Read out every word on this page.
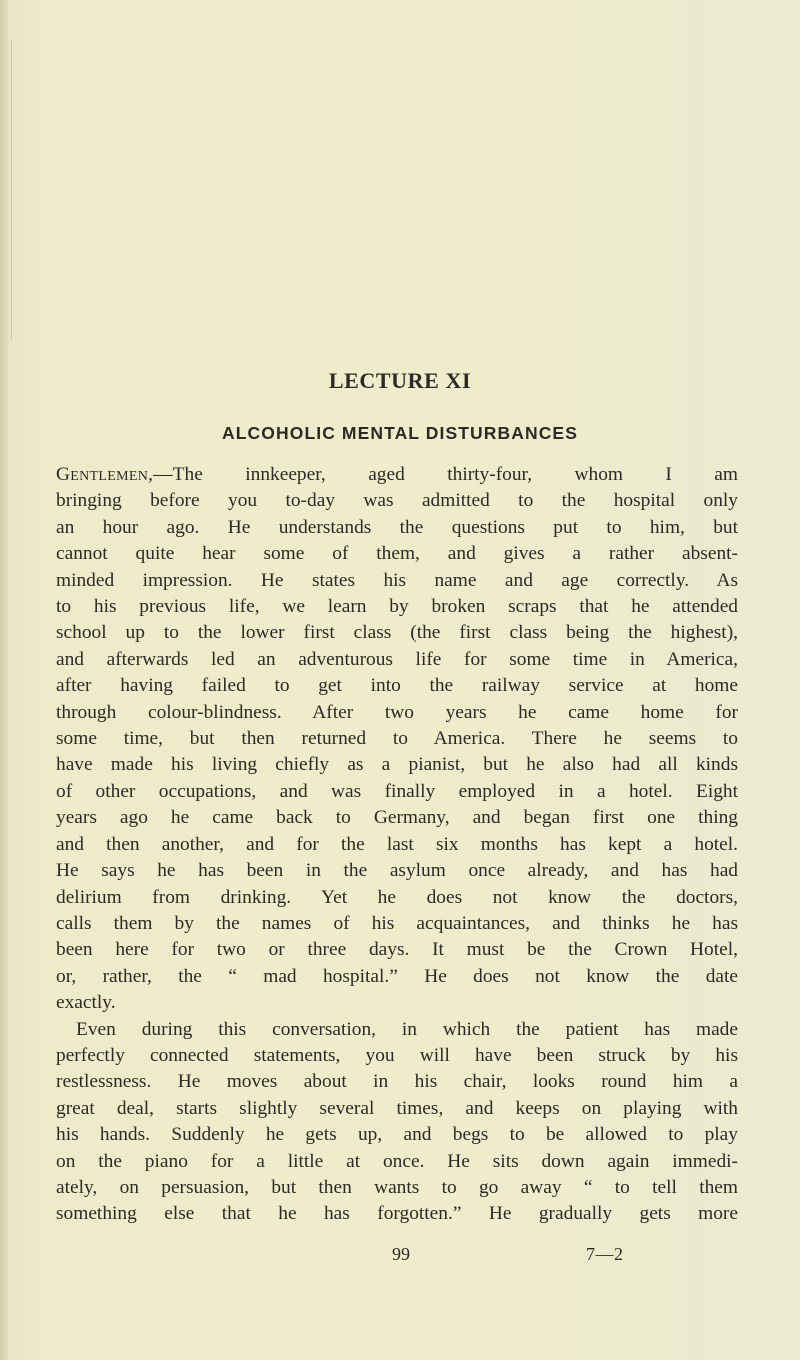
LECTURE XI
ALCOHOLIC MENTAL DISTURBANCES
Gentlemen,—The innkeeper, aged thirty-four, whom I am
bringing before you to-day was admitted to the hospital only
an hour ago. He understands the questions put to him, but
cannot quite hear some of them, and gives a rather absent-
minded impression. He states his name and age correctly. As
to his previous life, we learn by broken scraps that he attended
school up to the lower first class (the first class being the highest),
and afterwards led an adventurous life for some time in America,
after having failed to get into the railway service at home
through colour-blindness. After two years he came home for
some time, but then returned to America. There he seems to
have made his living chiefly as a pianist, but he also had all kinds
of other occupations, and was finally employed in a hotel. Eight
years ago he came back to Germany, and began first one thing
and then another, and for the last six months has kept a hotel.
He says he has been in the asylum once already, and has had
delirium from drinking. Yet he does not know the doctors,
calls them by the names of his acquaintances, and thinks he has
been here for two or three days. It must be the Crown Hotel,
or, rather, the “ mad hospital.” He does not know the date
exactly.
Even during this conversation, in which the patient has made
perfectly connected statements, you will have been struck by his
restlessness. He moves about in his chair, looks round him a
great deal, starts slightly several times, and keeps on playing with
his hands. Suddenly he gets up, and begs to be allowed to play
on the piano for a little at once. He sits down again immedi-
ately, on persuasion, but then wants to go away “ to tell them
something else that he has forgotten.” He gradually gets more
99	7—2
